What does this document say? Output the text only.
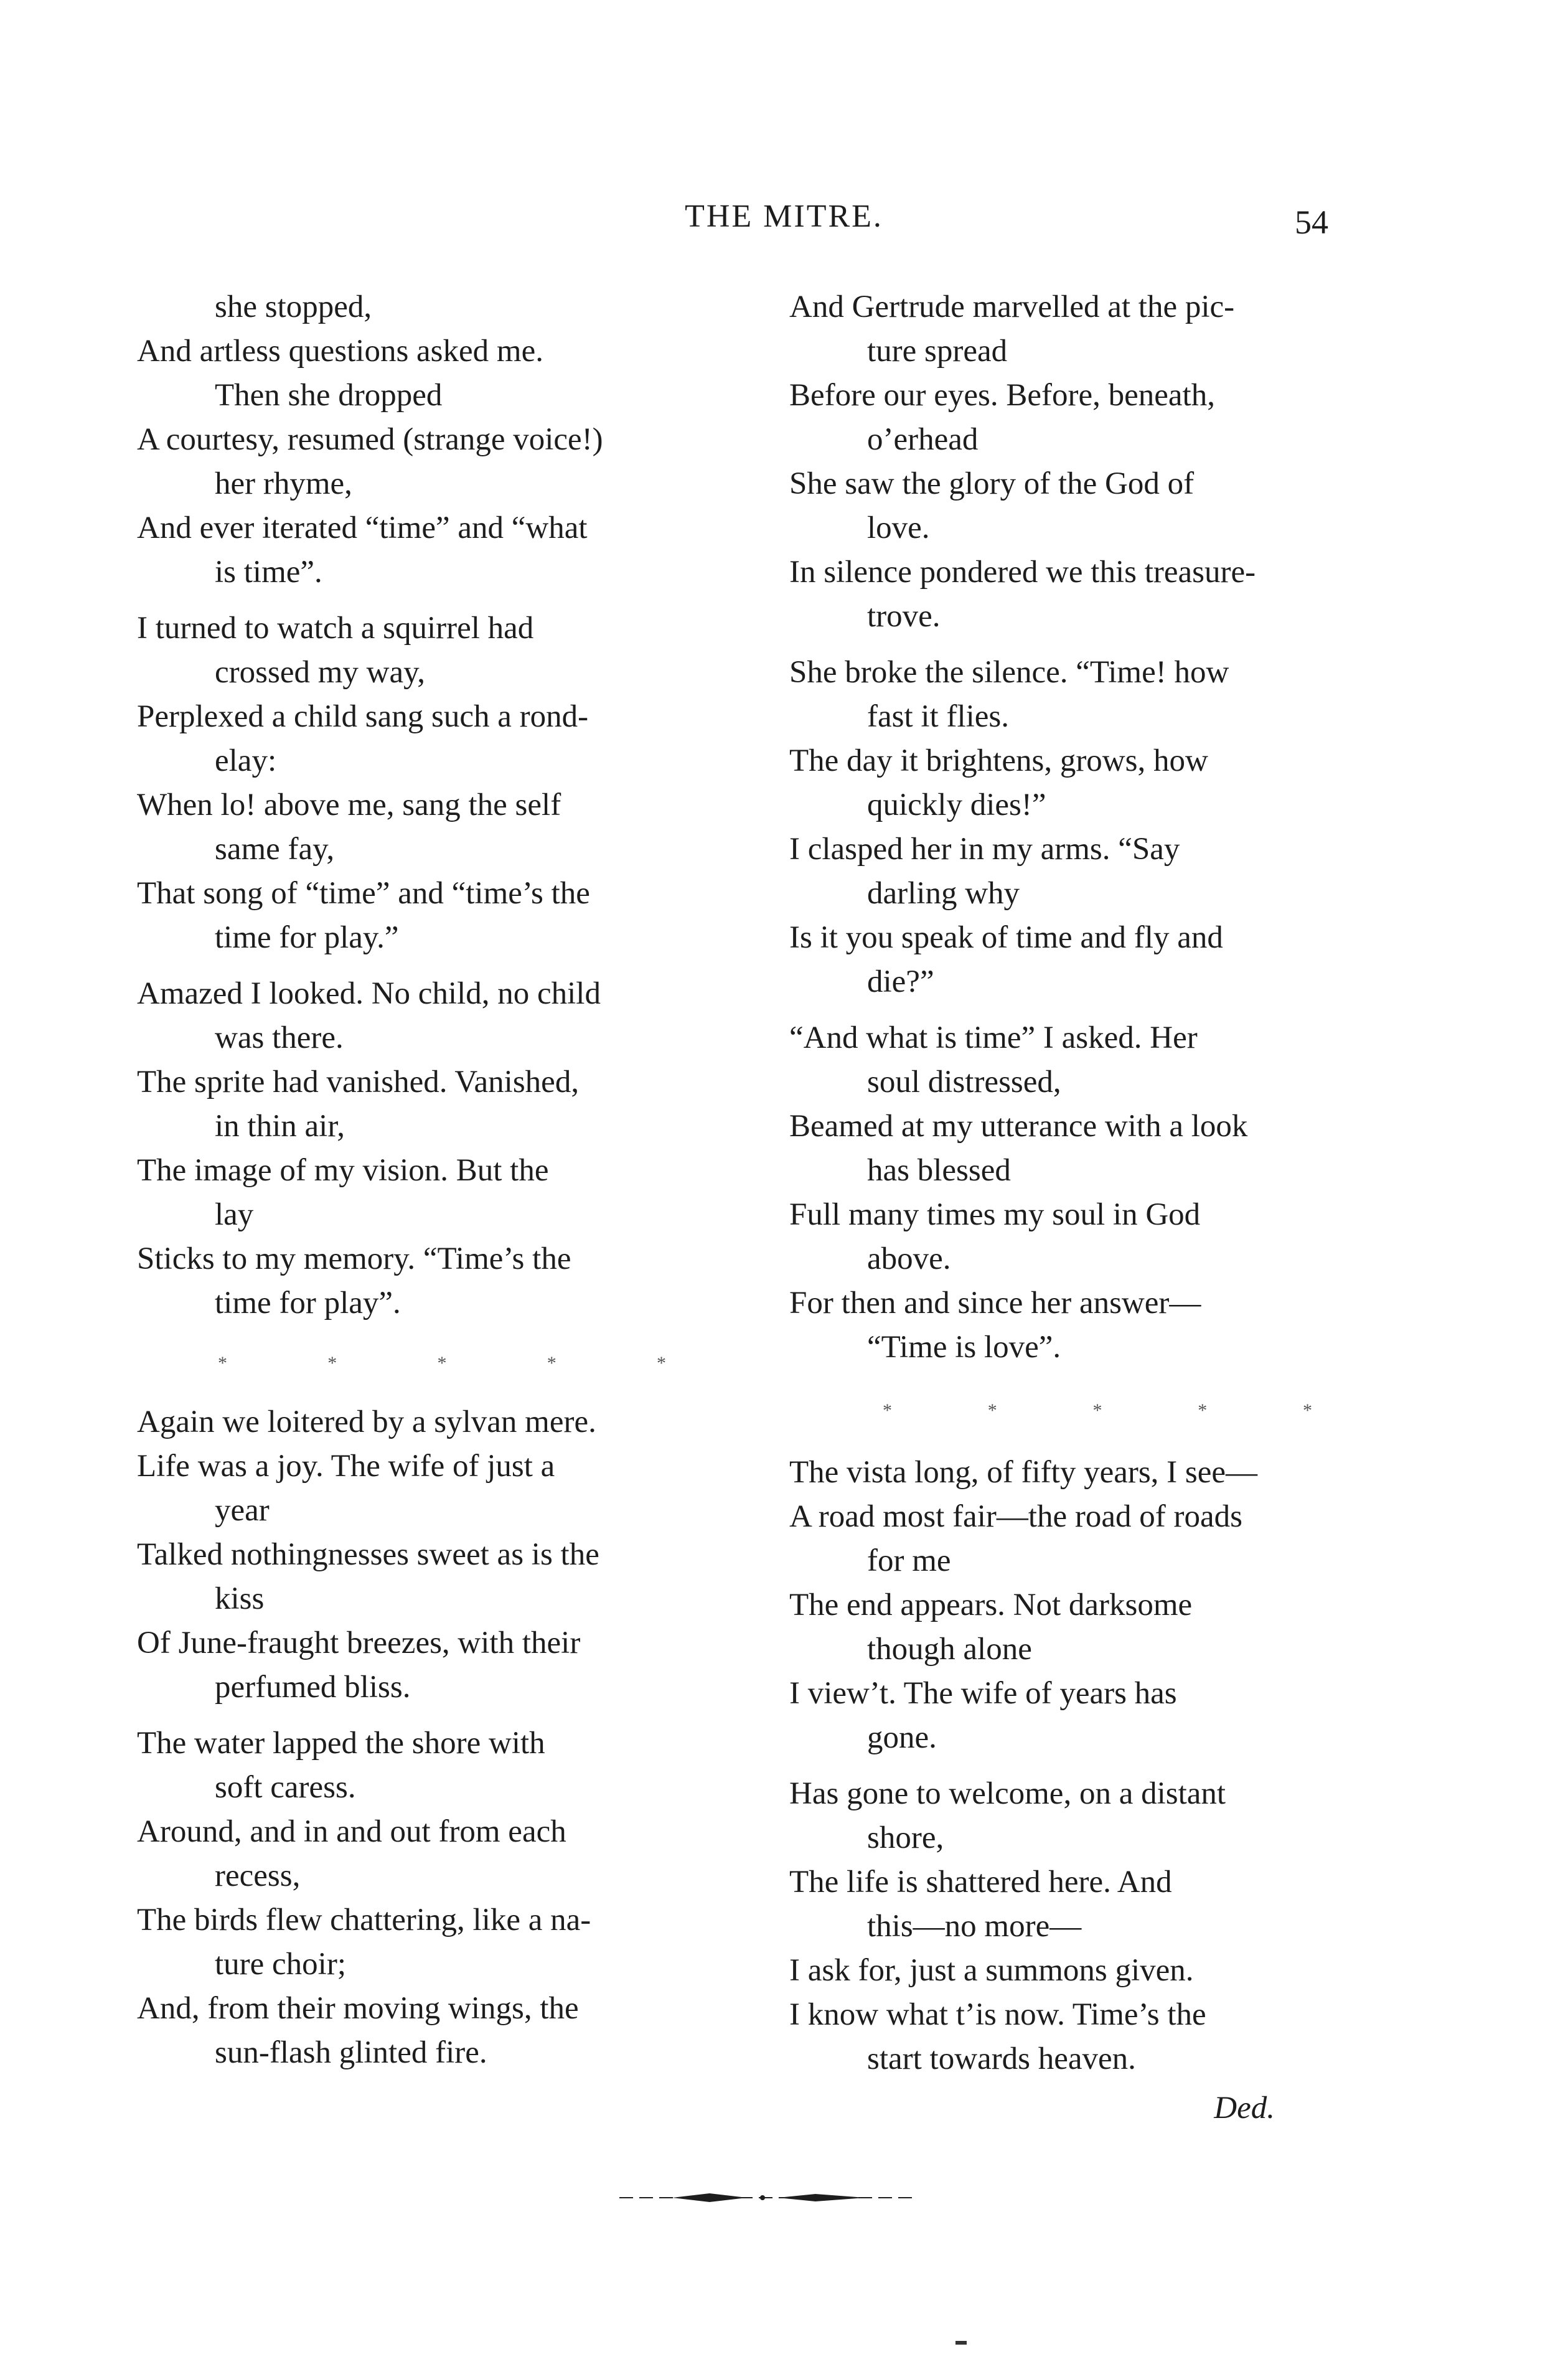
THE MITRE.	54
she stopped,
And artless questions asked me.
Then she dropped
A courtesy, resumed (strange voice!)
her rhyme,
And ever iterated “time” and “what
is time”.
I turned to watch a squirrel had
crossed my way,
Perplexed a child sang such a rond-
elay:
When lo! above me, sang the self
same fay,
That song of “time” and “time’s the
time for play.”
Amazed I looked. No child, no child
was there.
The sprite had vanished. Vanished,
in thin air,
The image of my vision. But the
lay
Sticks to my memory. “Time’s the
time for play”.
*	*	*	*	*
Again we loitered by a sylvan mere.
Life was a joy. The wife of just a
year
Talked nothingnesses sweet as is the
kiss
Of June-fraught breezes, with their
perfumed bliss.
The water lapped the shore with
soft caress.
Around, and in and out from each
recess,
The birds flew chattering, like a na-
ture choir;
And, from their moving wings, the
sun-flash glinted fire.
And Gertrude marvelled at the pic-
ture spread
Before our eyes. Before, beneath,
o’erhead
She saw the glory of the God of
love.
In silence pondered we this treasure-
trove.
She broke the silence. “Time! how
fast it flies.
The day it brightens, grows, how
quickly dies!”
I clasped her in my arms. “Say
darling why
Is it you speak of time and fly and
die?”
“And what is time” I asked. Her
soul distressed,
Beamed at my utterance with a look
has blessed
Full many times my soul in God
above.
For then and since her answer—
“Time is love”.
*	*	*	*	*
The vista long, of fifty years, I see—
A road most fair—the road of roads
for me
The end appears. Not darksome
though alone
I view’t. The wife of years has
gone.
Has gone to welcome, on a distant
shore,
The life is shattered here. And
this—no more—
I ask for, just a summons given.
I know what t’is now. Time’s the
start towards heaven.
Ded.
